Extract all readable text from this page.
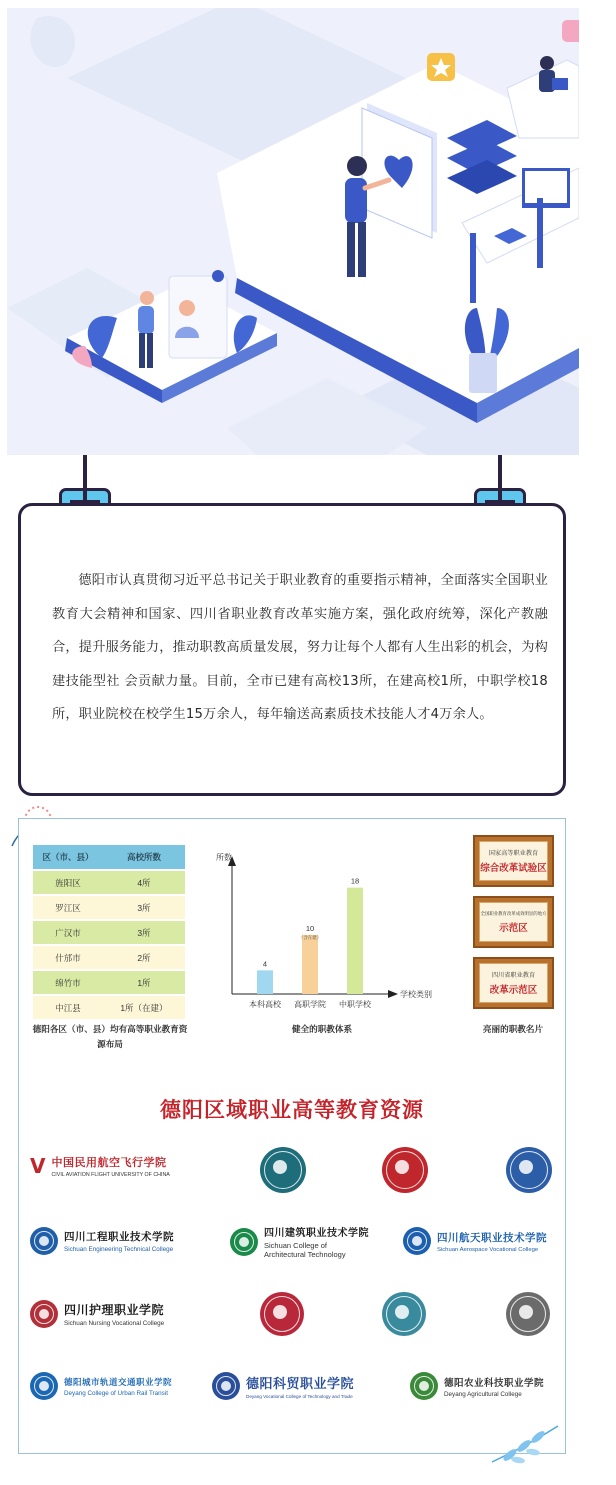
德阳市认真贯彻习近平总书记关于职业教育的重要指示精神，全面落实全国职业教育大会精神和国家、四川省职业教育改革实施方案，强化政府统筹，深化产教融合，提升服务能力，推动职教高质量发展，努力让每个人都有人生出彩的机会，为构建技能型社 会贡献力量。目前，全市已建有高校13所，在建高校1所，中职学校18所，职业院校在校学生15万余人，每年输送高素质技术技能人才4万余人。

区（市、县）	高校所数
旌阳区	4所
罗江区	3所
广汉市	3所
什邡市	2所
绵竹市	1所
中江县	1所（在建）
德阳各区（市、县）均有高等职业教育资源布局
所数
学校类别
4
本科高校
10
高职学院
18
中职学校
（含在建）
健全的职教体系
国家高等职业教育
综合改革试验区
全国职业教育改革成效明显的地方
示范区
四川省职业教育
改革示范区
亮丽的职教名片
德阳区域职业高等教育资源
V 中国民用航空飞行学院
CIVIL AVIATION FLIGHT UNIVERSITY OF CHINA
四川工程职业技术学院
Sichuan Engineering Technical College
四川建筑职业技术学院
Sichuan College of Architectural Technology
四川航天职业技术学院
Sichuan Aerospace Vocational College
四川护理职业学院
Sichuan Nursing Vocational College
德阳城市轨道交通职业学院
Deyang College of Urban Rail Transit
德阳科贸职业学院
Deyang Vocational College of Technology and Trade
德阳农业科技职业学院
Deyang Agricultural College
